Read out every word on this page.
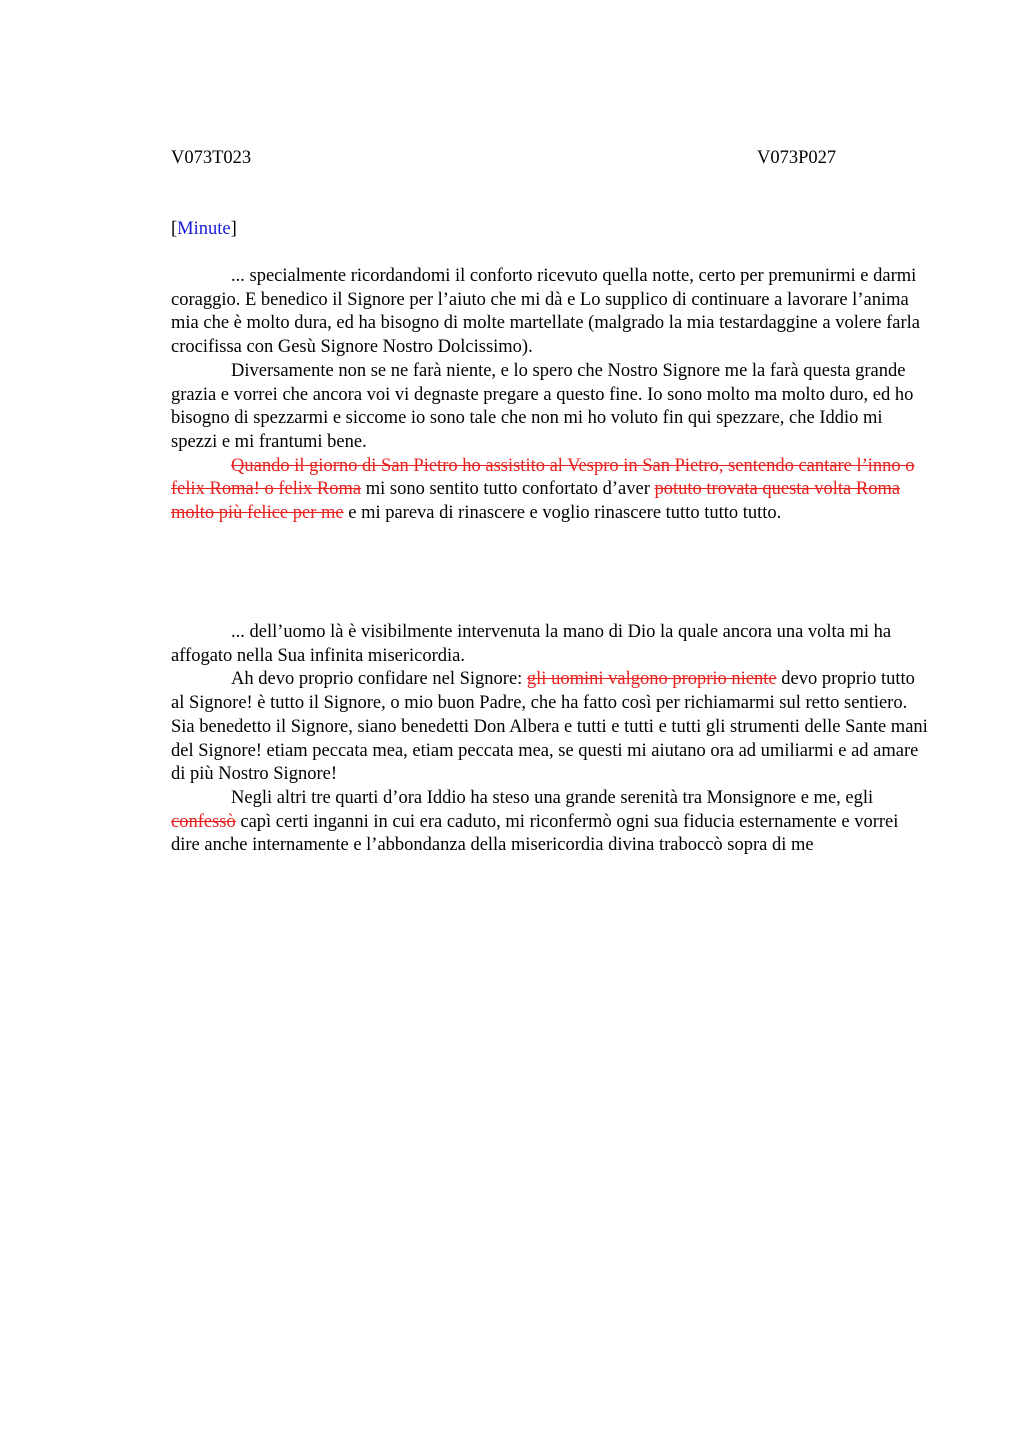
V073T023	V073P027
[Minute]

... specialmente ricordandomi il conforto ricevuto quella notte, certo per premunirmi e darmi coraggio. E benedico il Signore per l’aiuto che mi dà e Lo supplico di continuare a lavorare l’anima mia che è molto dura, ed ha bisogno di molte martellate (malgrado la mia testardaggine a volere farla crocifissa con Gesù Signore Nostro Dolcissimo).

Diversamente non se ne farà niente, e lo spero che Nostro Signore me la farà questa grande grazia e vorrei che ancora voi vi degnaste pregare a questo fine. Io sono molto ma molto duro, ed ho bisogno di spezzarmi e siccome io sono tale che non mi ho voluto fin qui spezzare, che Iddio mi spezzi e mi frantumi bene.

Quando il giorno di San Pietro ho assistito al Vespro in San Pietro, sentendo cantare l’inno o felix Roma! o felix Roma mi sono sentito tutto confortato d’aver potuto trovata questa volta Roma molto più felice per me e mi pareva di rinascere e voglio rinascere tutto tutto tutto.

... dell’uomo là è visibilmente intervenuta la mano di Dio la quale ancora una volta mi ha affogato nella Sua infinita misericordia.

Ah devo proprio confidare nel Signore: gli uomini valgono proprio niente devo proprio tutto al Signore! è tutto il Signore, o mio buon Padre, che ha fatto così per richiamarmi sul retto sentiero. Sia benedetto il Signore, siano benedetti Don Albera e tutti e tutti e tutti gli strumenti delle Sante mani del Signore! etiam peccata mea, etiam peccata mea, se questi mi aiutano ora ad umiliarmi e ad amare di più Nostro Signore!

Negli altri tre quarti d’ora Iddio ha steso una grande serenità tra Monsignore e me, egli confessò capì certi inganni in cui era caduto, mi riconfermò ogni sua fiducia esternamente e vorrei dire anche internamente e l’abbondanza della misericordia divina traboccò sopra di me
